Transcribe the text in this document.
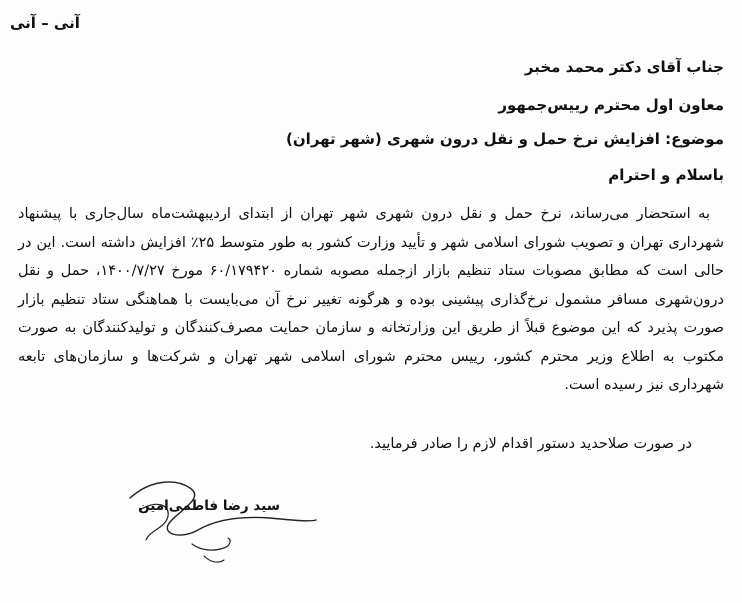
آنی – آنی
جناب آقای دکتر محمد مخبر
معاون اول محترم رییس‌جمهور
موضوع: افزایش نرخ حمل و نقل درون شهری (شهر تهران)
باسلام و احترام

به استحضار می‌رساند، نرخ حمل و نقل درون شهری شهر تهران از ابتدای اردیبهشت‌ماه سال‌جاری با پیشنهاد شهرداری تهران و تصویب شورای اسلامی شهر و تأیید وزارت کشور به طور متوسط ۲۵٪ افزایش داشته است. این در حالی است که مطابق مصوبات ستاد تنظیم بازار ازجمله مصوبه شماره ۶۰/۱۷۹۴۲۰ مورخ ۱۴۰۰/۷/۲۷، حمل و نقل درون‌شهری مسافر مشمول نرخ‌گذاری پیشینی بوده و هرگونه تغییر نرخ آن می‌بایست با هماهنگی ستاد تنظیم بازار صورت پذیرد که این موضوع قبلاً از طریق این وزارتخانه و سازمان حمایت مصرف‌کنندگان و تولیدکنندگان به صورت مکتوب به اطلاع وزیر محترم کشور، رییس محترم شورای اسلامی شهر تهران و شرکت‌ها و سازمان‌های تابعه شهرداری نیز رسیده است.

در صورت صلاحدید دستور اقدام لازم را صادر فرمایید.
سید رضا فاطمی‌امین
